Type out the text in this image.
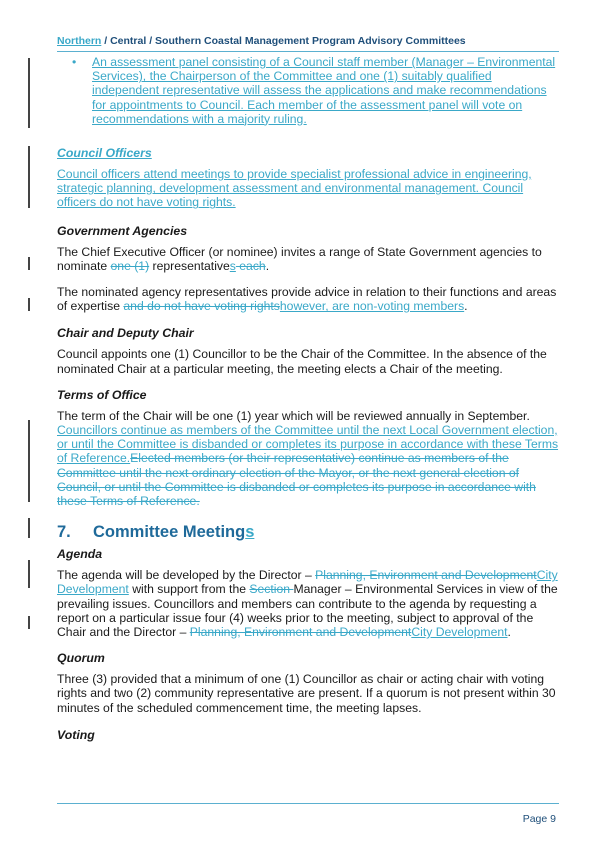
Northern / Central / Southern Coastal Management Program Advisory Committees
•	An assessment panel consisting of a Council staff member (Manager – Environmental Services), the Chairperson of the Committee and one (1) suitably qualified independent representative will assess the applications and make recommendations for appointments to Council. Each member of the assessment panel will vote on recommendations with a majority ruling.
Council Officers

Council officers attend meetings to provide specialist professional advice in engineering, strategic planning, development assessment and environmental management. Council officers do not have voting rights.

Government Agencies

The Chief Executive Officer (or nominee) invites a range of State Government agencies to nominate one (1) representatives each.

The nominated agency representatives provide advice in relation to their functions and areas of expertise and do not have voting rightshowever, are non-voting members.

Chair and Deputy Chair

Council appoints one (1) Councillor to be the Chair of the Committee. In the absence of the nominated Chair at a particular meeting, the meeting elects a Chair of the meeting.

Terms of Office

The term of the Chair will be one (1) year which will be reviewed annually in September. Councillors continue as members of the Committee until the next Local Government election, or until the Committee is disbanded or completes its purpose in accordance with these Terms of Reference.Elected members (or their representative) continue as members of the Committee until the next ordinary election of the Mayor, or the next general election of Council, or until the Committee is disbanded or completes its purpose in accordance with these Terms of Reference.

7.	Committee Meetings
Agenda

The agenda will be developed by the Director – Planning, Environment and DevelopmentCity Development with support from the Section Manager – Environmental Services in view of the prevailing issues. Councillors and members can contribute to the agenda by requesting a report on a particular issue four (4) weeks prior to the meeting, subject to approval of the Chair and the Director – Planning, Environment and DevelopmentCity Development.

Quorum

Three (3) provided that a minimum of one (1) Councillor as chair or acting chair with voting rights and two (2) community representative are present. If a quorum is not present within 30 minutes of the scheduled commencement time, the meeting lapses.

Voting
Page 9
